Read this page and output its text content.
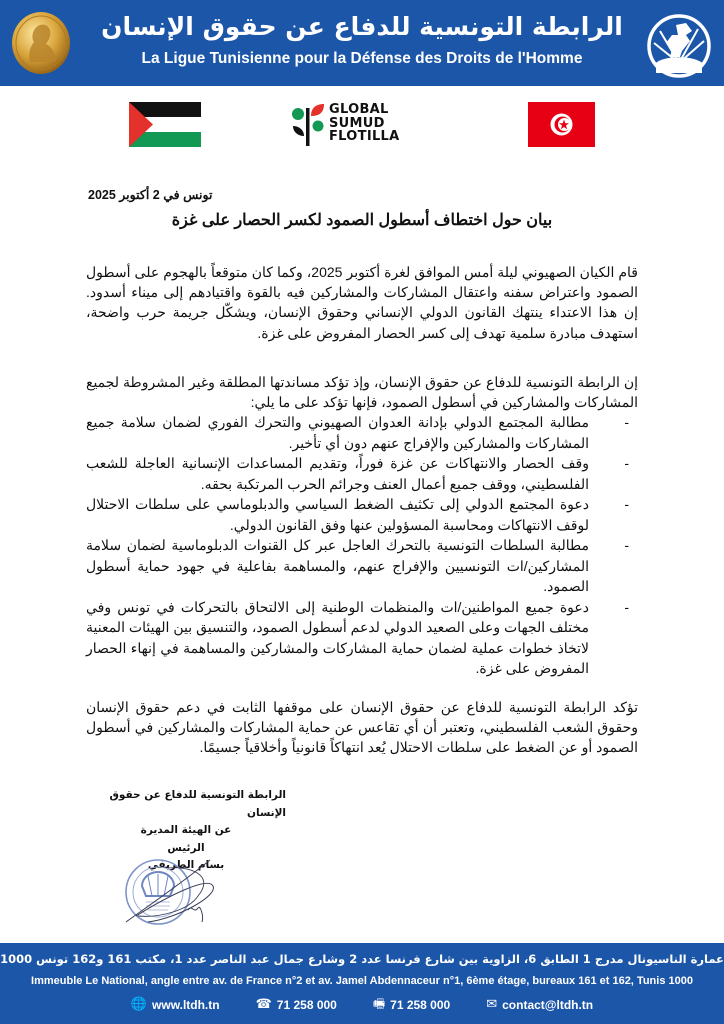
الرابطة التونسية للدفاع عن حقوق الإنسان
La Ligue Tunisienne pour la Défense des Droits de l'Homme
GLOBAL
SUMUD
FLOTILLA
تونس في 2 أكتوبر 2025
بيان حول اختطاف أسطول الصمود لكسر الحصار على غزة

قام الكيان الصهيوني ليلة أمس الموافق لغرة أكتوبر 2025، وكما كان متوقعاً بالهجوم على أسطول الصمود واعتراض سفنه واعتقال المشاركات والمشاركين فيه بالقوة واقتيادهم إلى ميناء أسدود. إن هذا الاعتداء ينتهك القانون الدولي الإنساني وحقوق الإنسان، ويشكّل جريمة حرب واضحة، استهدف مبادرة سلمية تهدف إلى كسر الحصار المفروض على غزة.

إن الرابطة التونسية للدفاع عن حقوق الإنسان، وإذ تؤكد مساندتها المطلقة وغير المشروطة لجميع المشاركات والمشاركين في أسطول الصمود، فإنها تؤكد على ما يلي:

-
مطالبة المجتمع الدولي بإدانة العدوان الصهيوني والتحرك الفوري لضمان سلامة جميع المشاركات والمشاركين والإفراج عنهم دون أي تأخير.
-
وقف الحصار والانتهاكات عن غزة فوراً، وتقديم المساعدات الإنسانية العاجلة للشعب الفلسطيني، ووقف جميع أعمال العنف وجرائم الحرب المرتكبة بحقه.
-
دعوة المجتمع الدولي إلى تكثيف الضغط السياسي والدبلوماسي على سلطات الاحتلال لوقف الانتهاكات ومحاسبة المسؤولين عنها وفق القانون الدولي.
-
مطالبة السلطات التونسية بالتحرك العاجل عبر كل القنوات الدبلوماسية لضمان سلامة المشاركين/ات التونسيين والإفراج عنهم، والمساهمة بفاعلية في جهود حماية أسطول الصمود.
-
دعوة جميع المواطنين/ات والمنظمات الوطنية إلى الالتحاق بالتحركات في تونس وفي مختلف الجهات وعلى الصعيد الدولي لدعم أسطول الصمود، والتنسيق بين الهيئات المعنية لاتخاذ خطوات عملية لضمان حماية المشاركات والمشاركين والمساهمة في إنهاء الحصار المفروض على غزة.

تؤكد الرابطة التونسية للدفاع عن حقوق الإنسان على موقفها الثابت في دعم حقوق الإنسان وحقوق الشعب الفلسطيني، وتعتبر أن أي تقاعس عن حماية المشاركات والمشاركين في أسطول الصمود أو عن الضغط على سلطات الاحتلال يُعد انتهاكاً قانونياً وأخلاقياً جسيمًا.

الرابطة التونسية للدفاع عن حقوق الإنسان
عن الهيئة المديرة
الرئيس
بسام الطريفي
عمارة الناسيونال مدرج 1 الطابق 6، الزاوية بين شارع فرنسا عدد 2 وشارع جمال عبد الناصر عدد 1، مكتب 161 و162 تونس 1000
Immeuble Le National, angle entre av. de France n°2 et av. Jamel Abdennaceur n°1, 6ème étage, bureaux 161 et 162, Tunis 1000
🌐 www.ltdh.tn	☎ 71 258 000	🖷 71 258 000	✉ contact@ltdh.tn
